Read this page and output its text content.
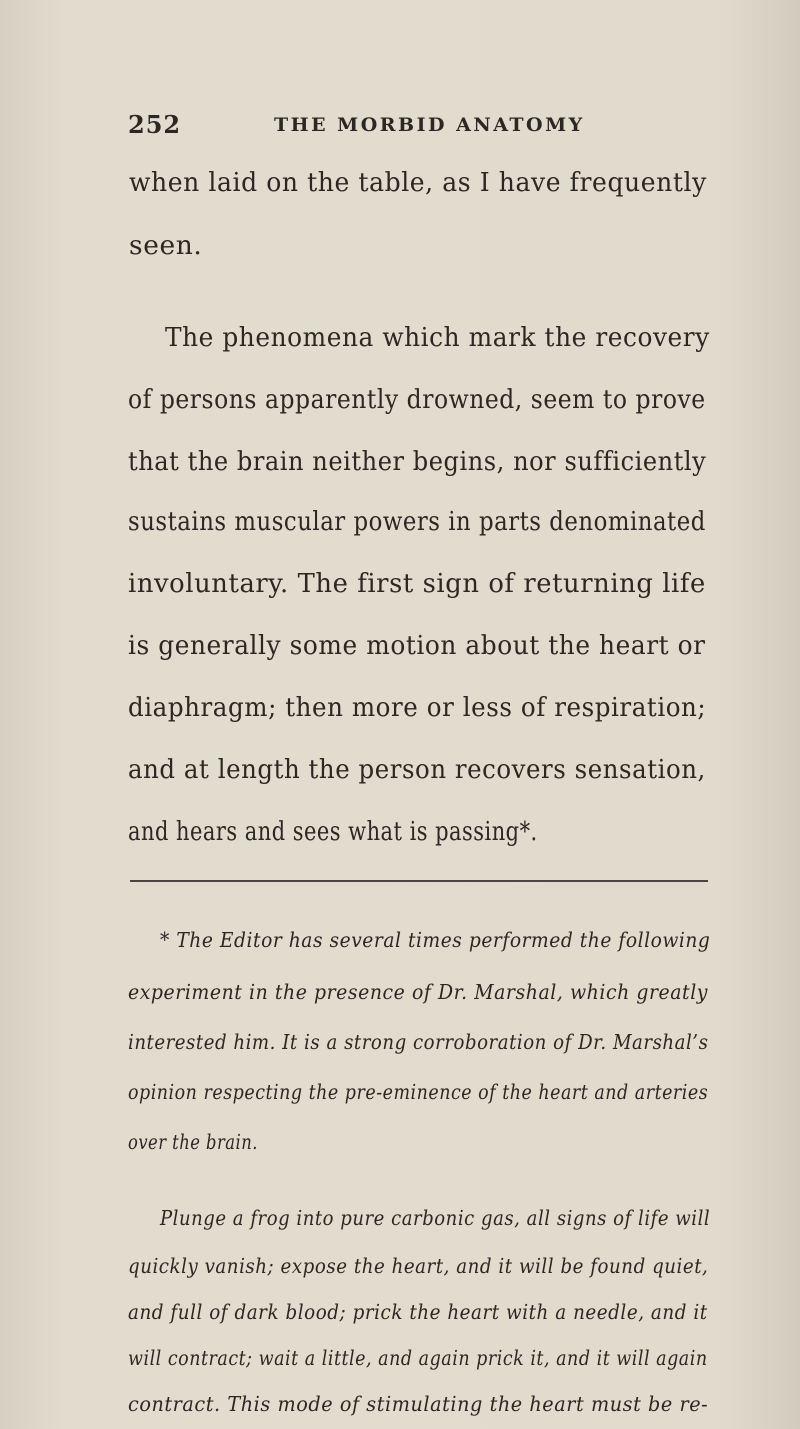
252	THE MORBID ANATOMY
when laid on the table, as I have frequently
seen.
The phenomena which mark the recovery
of persons apparently drowned, seem to prove
that the brain neither begins, nor sufficiently
sustains muscular powers in parts denominated
involuntary. The first sign of returning life
is generally some motion about the heart or
diaphragm; then more or less of respiration;
and at length the person recovers sensation,
and hears and sees what is passing*.
* The Editor has several times performed the following
experiment in the presence of Dr. Marshal, which greatly
interested him. It is a strong corroboration of Dr. Marshal’s
opinion respecting the pre-eminence of the heart and arteries
over the brain.
Plunge a frog into pure carbonic gas, all signs of life will
quickly vanish; expose the heart, and it will be found quiet,
and full of dark blood; prick the heart with a needle, and it
will contract; wait a little, and again prick it, and it will again
contract. This mode of stimulating the heart must be re-
